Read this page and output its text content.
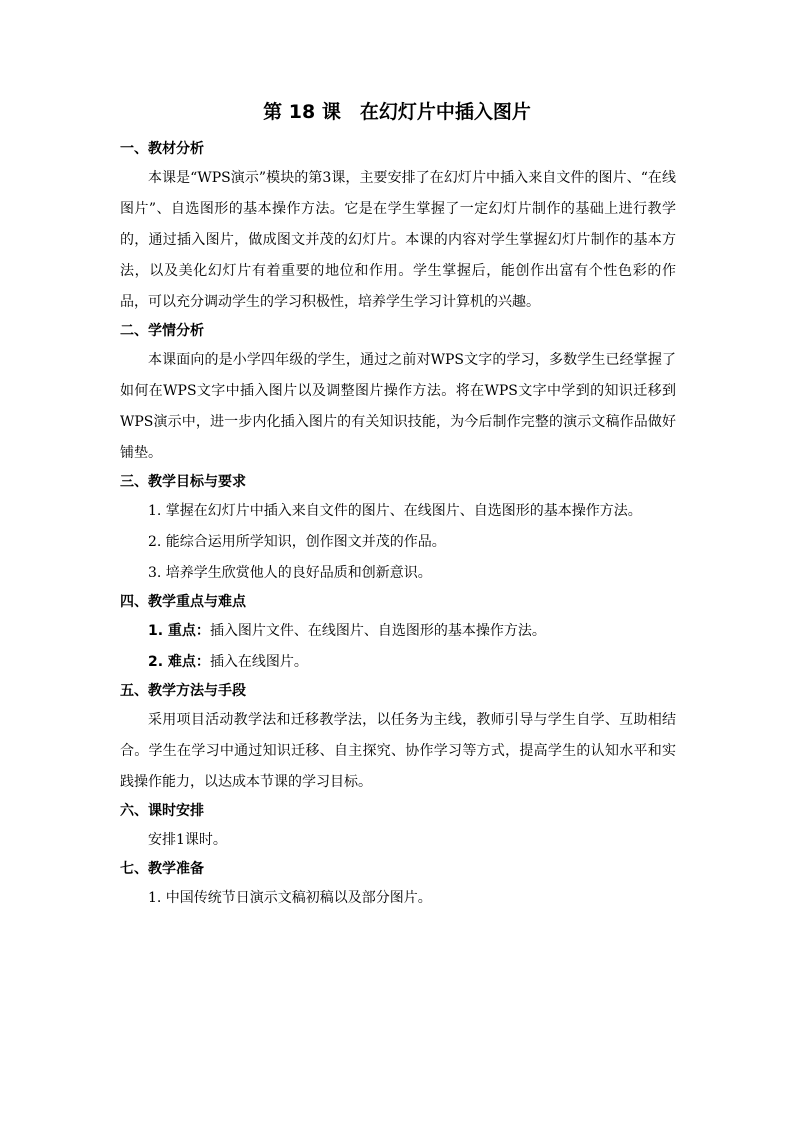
第 18 课　在幻灯片中插入图片
一、教材分析

本课是“WPS演示”模块的第3课，主要安排了在幻灯片中插入来自文件的图片、“在线图片”、自选图形的基本操作方法。它是在学生掌握了一定幻灯片制作的基础上进行教学的，通过插入图片，做成图文并茂的幻灯片。本课的内容对学生掌握幻灯片制作的基本方法，以及美化幻灯片有着重要的地位和作用。学生掌握后，能创作出富有个性色彩的作品，可以充分调动学生的学习积极性，培养学生学习计算机的兴趣。

二、学情分析

本课面向的是小学四年级的学生，通过之前对WPS文字的学习，多数学生已经掌握了如何在WPS文字中插入图片以及调整图片操作方法。将在WPS文字中学到的知识迁移到WPS演示中，进一步内化插入图片的有关知识技能，为今后制作完整的演示文稿作品做好铺垫。

三、教学目标与要求

1. 掌握在幻灯片中插入来自文件的图片、在线图片、自选图形的基本操作方法。

2. 能综合运用所学知识，创作图文并茂的作品。

3. 培养学生欣赏他人的良好品质和创新意识。

四、教学重点与难点

1. 重点：插入图片文件、在线图片、自选图形的基本操作方法。

2. 难点：插入在线图片。

五、教学方法与手段

采用项目活动教学法和迁移教学法，以任务为主线，教师引导与学生自学、互助相结合。学生在学习中通过知识迁移、自主探究、协作学习等方式，提高学生的认知水平和实践操作能力，以达成本节课的学习目标。

六、课时安排

安排1课时。

七、教学准备

1. 中国传统节日演示文稿初稿以及部分图片。
